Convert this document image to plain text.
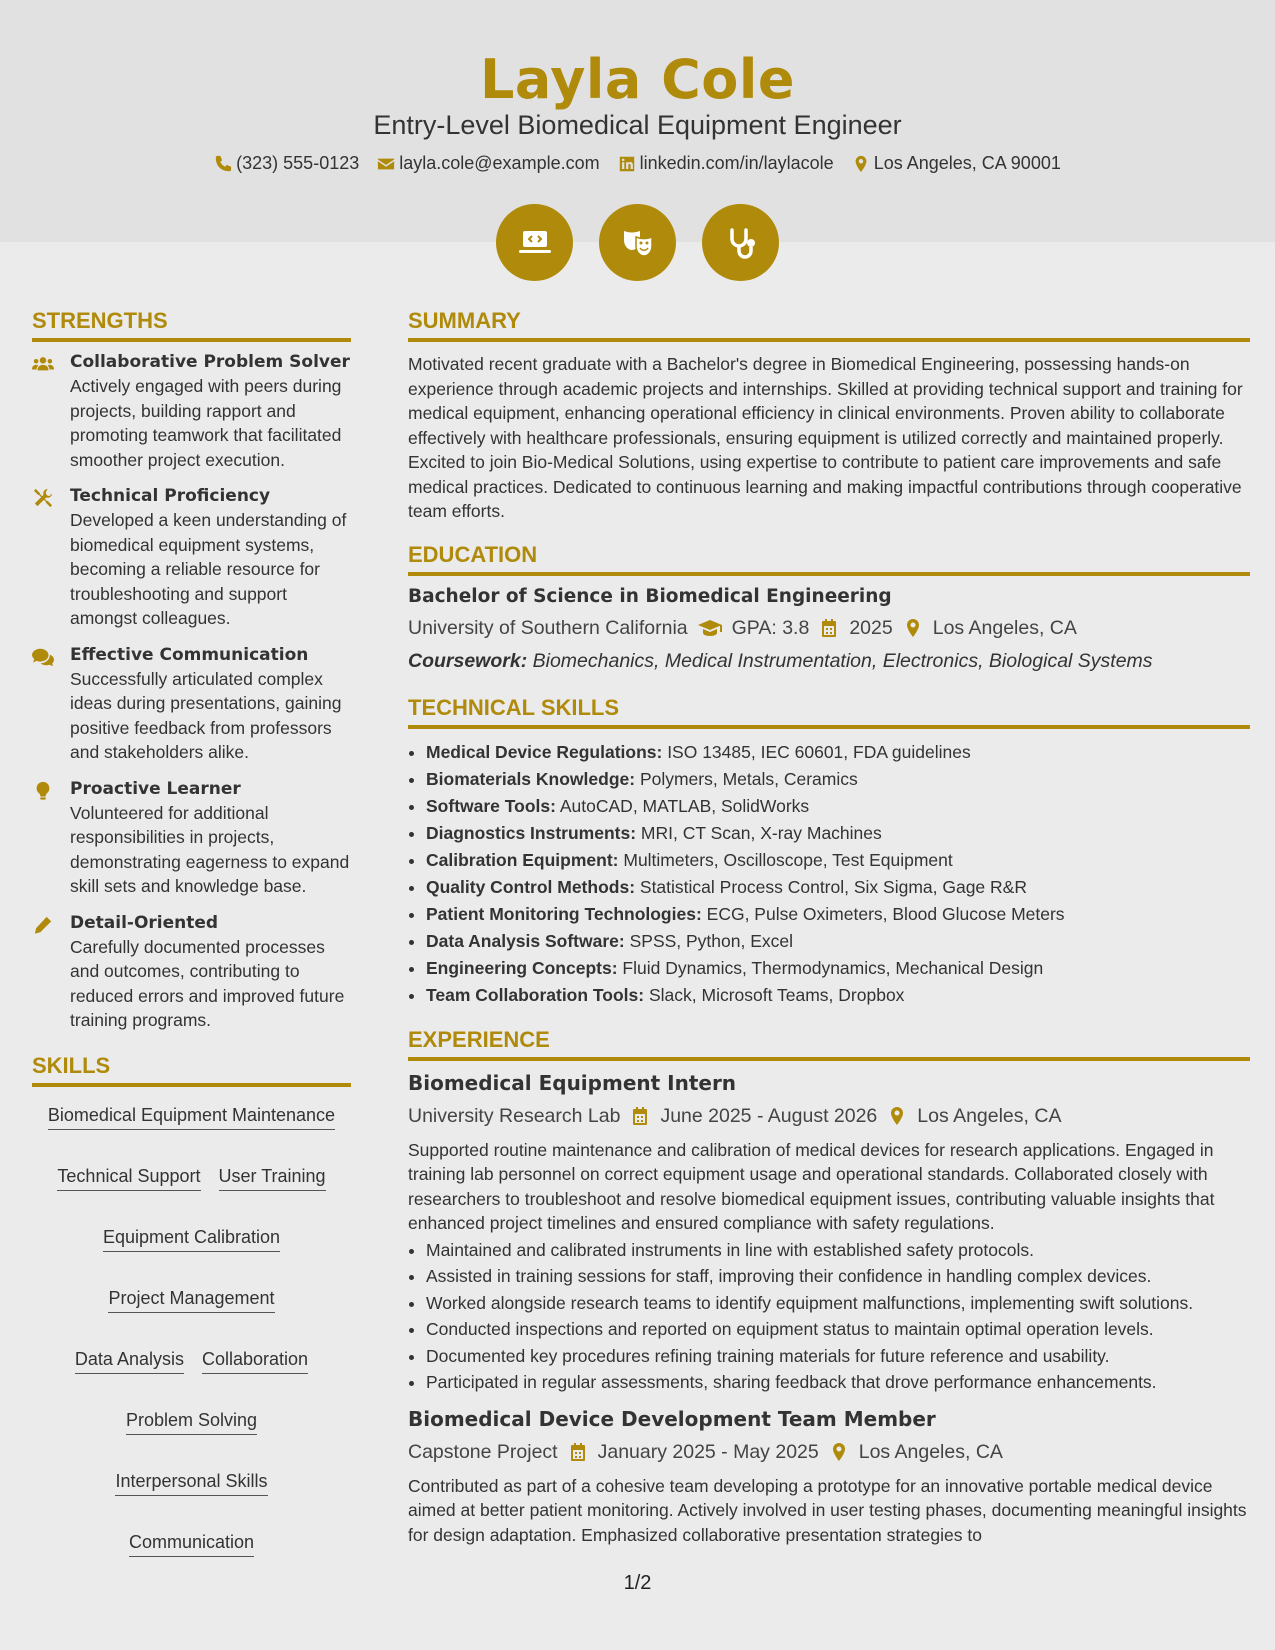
Layla Cole
Entry-Level Biomedical Equipment Engineer
(323) 555-0123 layla.cole@example.com linkedin.com/in/laylacole Los Angeles, CA 90001
STRENGTHS
Collaborative Problem Solver
Actively engaged with peers during projects, building rapport and promoting teamwork that facilitated smoother project execution.
Technical Proficiency
Developed a keen understanding of biomedical equipment systems, becoming a reliable resource for troubleshooting and support amongst colleagues.
Effective Communication
Successfully articulated complex ideas during presentations, gaining positive feedback from professors and stakeholders alike.
Proactive Learner
Volunteered for additional responsibilities in projects, demonstrating eagerness to expand skill sets and knowledge base.
Detail-Oriented
Carefully documented processes and outcomes, contributing to reduced errors and improved future training programs.
SKILLS
Biomedical Equipment Maintenance
Technical Support User Training
Equipment Calibration
Project Management
Data Analysis Collaboration
Problem Solving
Interpersonal Skills
Communication
SUMMARY

Motivated recent graduate with a Bachelor's degree in Biomedical Engineering, possessing hands-on experience through academic projects and internships. Skilled at providing technical support and training for medical equipment, enhancing operational efficiency in clinical environments. Proven ability to collaborate effectively with healthcare professionals, ensuring equipment is utilized correctly and maintained properly. Excited to join Bio-Medical Solutions, using expertise to contribute to patient care improvements and safe medical practices. Dedicated to continuous learning and making impactful contributions through cooperative team efforts.

EDUCATION
Bachelor of Science in Biomedical Engineering
University of Southern California GPA: 3.8 2025 Los Angeles, CA
Coursework: Biomechanics, Medical Instrumentation, Electronics, Biological Systems
TECHNICAL SKILLS
• Medical Device Regulations: ISO 13485, IEC 60601, FDA guidelines
• Biomaterials Knowledge: Polymers, Metals, Ceramics
• Software Tools: AutoCAD, MATLAB, SolidWorks
• Diagnostics Instruments: MRI, CT Scan, X-ray Machines
• Calibration Equipment: Multimeters, Oscilloscope, Test Equipment
• Quality Control Methods: Statistical Process Control, Six Sigma, Gage R&R
• Patient Monitoring Technologies: ECG, Pulse Oximeters, Blood Glucose Meters
• Data Analysis Software: SPSS, Python, Excel
• Engineering Concepts: Fluid Dynamics, Thermodynamics, Mechanical Design
• Team Collaboration Tools: Slack, Microsoft Teams, Dropbox
EXPERIENCE
Biomedical Equipment Intern
University Research Lab June 2025 - August 2026 Los Angeles, CA

Supported routine maintenance and calibration of medical devices for research applications. Engaged in training lab personnel on correct equipment usage and operational standards. Collaborated closely with researchers to troubleshoot and resolve biomedical equipment issues, contributing valuable insights that enhanced project timelines and ensured compliance with safety regulations.

• Maintained and calibrated instruments in line with established safety protocols.
• Assisted in training sessions for staff, improving their confidence in handling complex devices.
• Worked alongside research teams to identify equipment malfunctions, implementing swift solutions.
• Conducted inspections and reported on equipment status to maintain optimal operation levels.
• Documented key procedures refining training materials for future reference and usability.
• Participated in regular assessments, sharing feedback that drove performance enhancements.
Biomedical Device Development Team Member
Capstone Project January 2025 - May 2025 Los Angeles, CA

Contributed as part of a cohesive team developing a prototype for an innovative portable medical device aimed at better patient monitoring. Actively involved in user testing phases, documenting meaningful insights for design adaptation. Emphasized collaborative presentation strategies to

1/2
